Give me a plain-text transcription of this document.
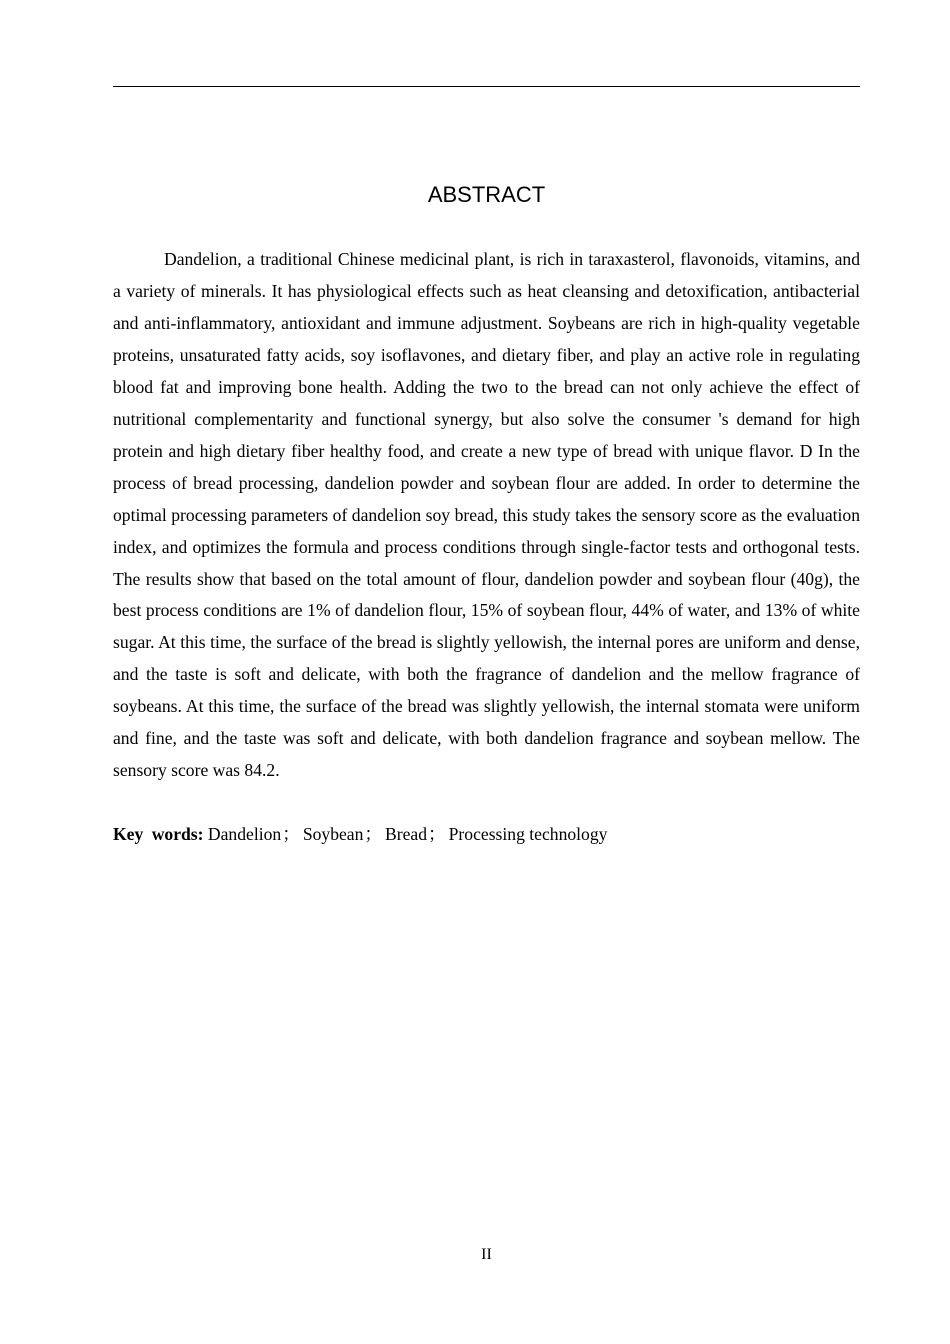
ABSTRACT

Dandelion, a traditional Chinese medicinal plant, is rich in taraxasterol, flavonoids, vitamins, and a variety of minerals. It has physiological effects such as heat cleansing and detoxification, antibacterial and anti-inflammatory, antioxidant and immune adjustment. Soybeans are rich in high-quality vegetable proteins, unsaturated fatty acids, soy isoflavones, and dietary fiber, and play an active role in regulating blood fat and improving bone health. Adding the two to the bread can not only achieve the effect of nutritional complementarity and functional synergy, but also solve the consumer 's demand for high protein and high dietary fiber healthy food, and create a new type of bread with unique flavor. D In the process of bread processing, dandelion powder and soybean flour are added. In order to determine the optimal processing parameters of dandelion soy bread, this study takes the sensory score as the evaluation index, and optimizes the formula and process conditions through single-factor tests and orthogonal tests. The results show that based on the total amount of flour, dandelion powder and soybean flour (40g), the best process conditions are 1% of dandelion flour, 15% of soybean flour, 44% of water, and 13% of white sugar. At this time, the surface of the bread is slightly yellowish, the internal pores are uniform and dense, and the taste is soft and delicate, with both the fragrance of dandelion and the mellow fragrance of soybeans. At this time, the surface of the bread was slightly yellowish, the internal stomata were uniform and fine, and the taste was soft and delicate, with both dandelion fragrance and soybean mellow. The sensory score was 84.2.

Key words: Dandelion； Soybean； Bread； Processing technology

II
